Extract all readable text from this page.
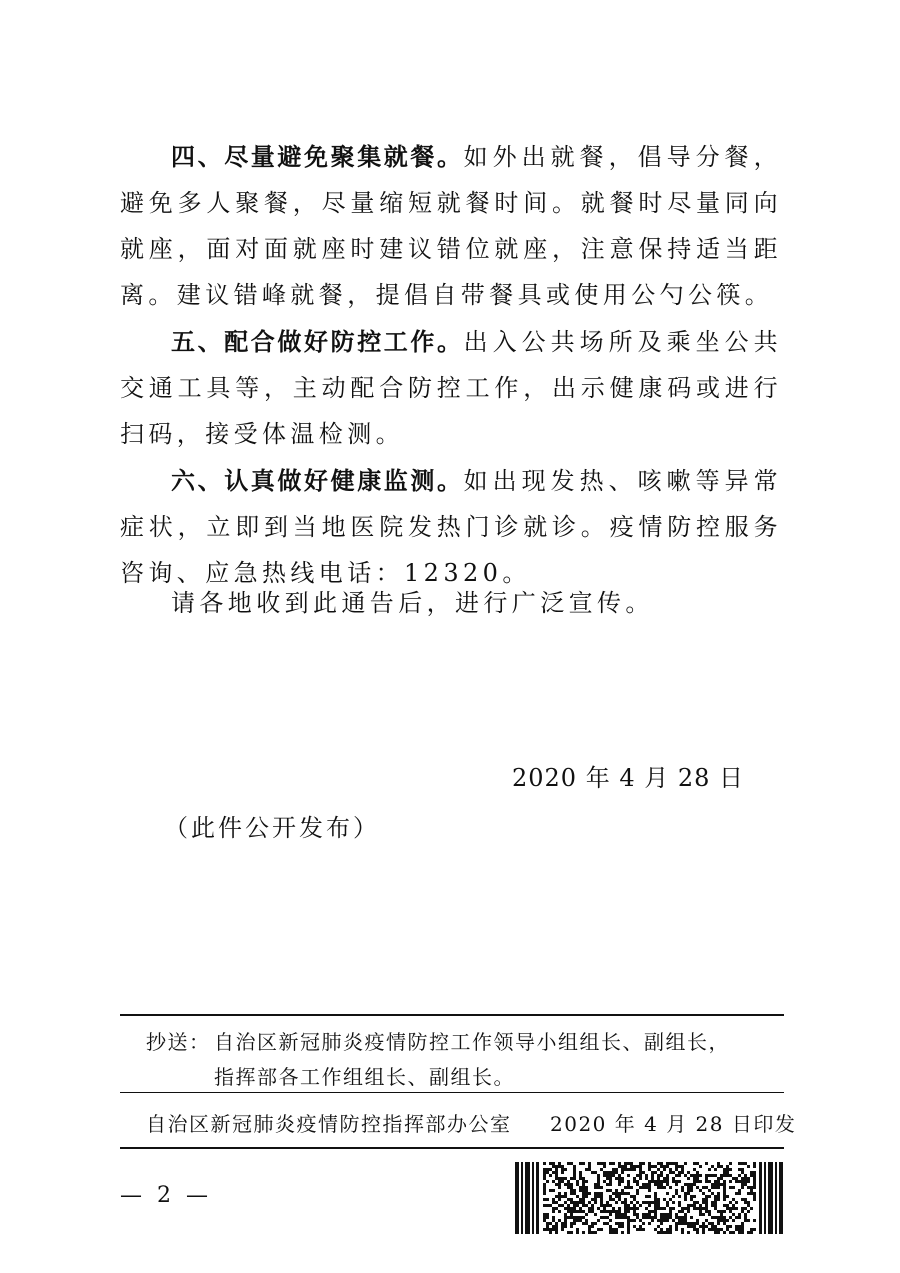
四、尽量避免聚集就餐。如外出就餐，倡导分餐，避免多人聚餐，尽量缩短就餐时间。就餐时尽量同向就座，面对面就座时建议错位就座，注意保持适当距离。建议错峰就餐，提倡自带餐具或使用公勺公筷。

五、配合做好防控工作。出入公共场所及乘坐公共交通工具等，主动配合防控工作，出示健康码或进行扫码，接受体温检测。

六、认真做好健康监测。如出现发热、咳嗽等异常症状，立即到当地医院发热门诊就诊。疫情防控服务咨询、应急热线电话：12320。

请各地收到此通告后，进行广泛宣传。

2020 年 4 月 28 日
（此件公开发布）
抄送： 自治区新冠肺炎疫情防控工作领导小组组长、副组长，
指挥部各工作组组长、副组长。
自治区新冠肺炎疫情防控指挥部办公室 2020 年 4 月 28 日印发
— 2 —
